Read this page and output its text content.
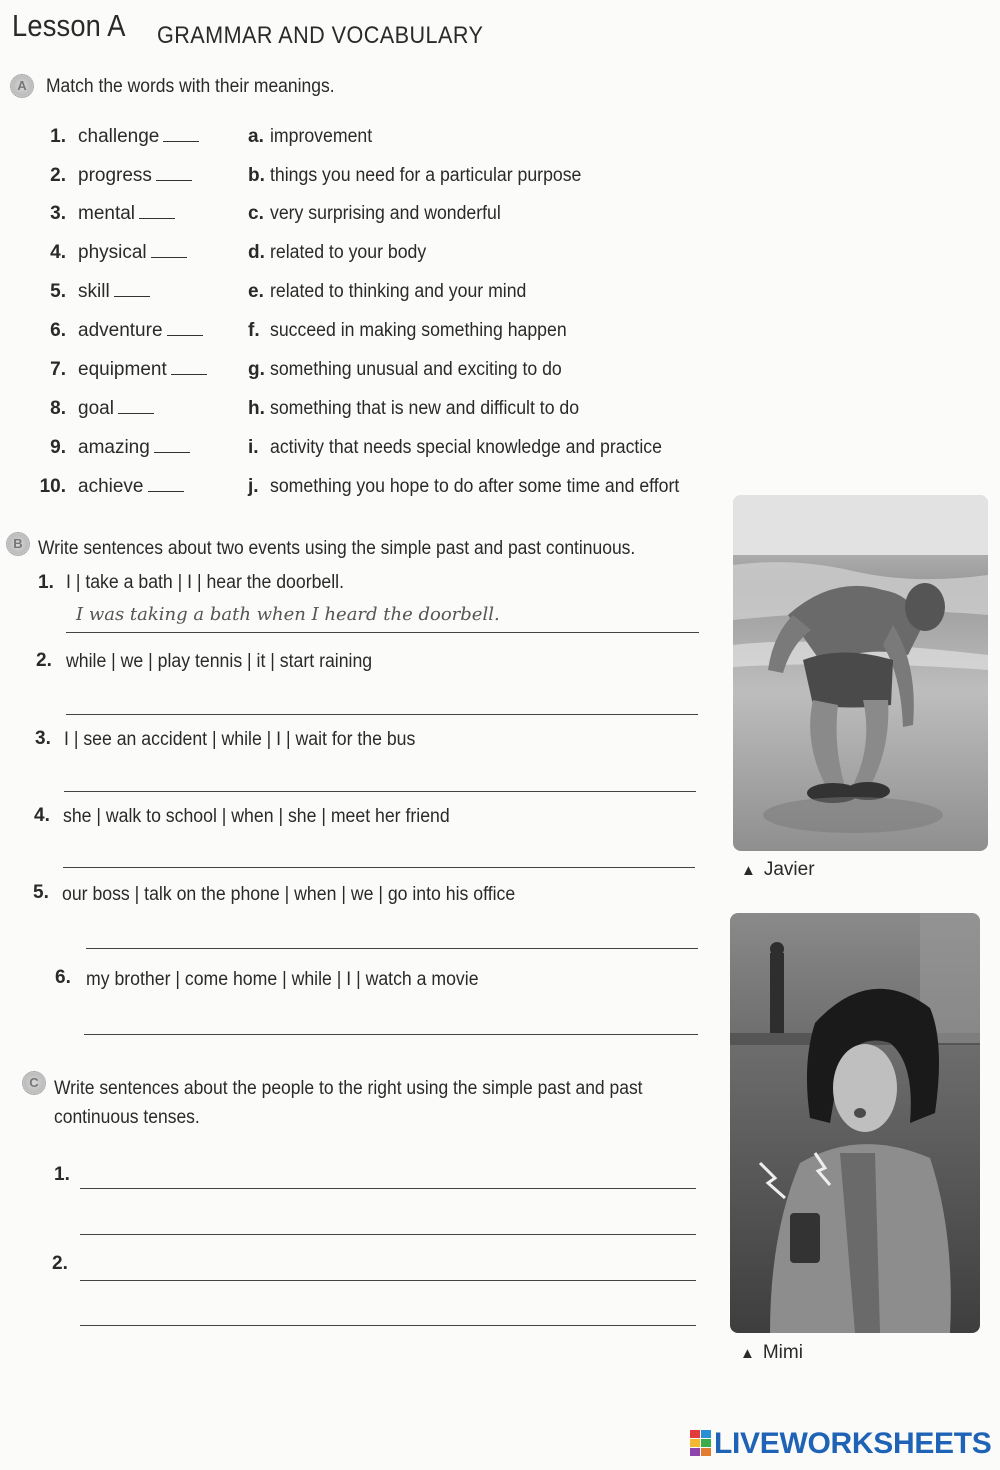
Lesson A	GRAMMAR AND VOCABULARY
A	Match the words with their meanings.
1. challenge	a. improvement
2. progress	b. things you need for a particular purpose
3. mental	c. very surprising and wonderful
4. physical	d. related to your body
5. skill	e. related to thinking and your mind
6. adventure	f. succeed in making something happen
7. equipment	g. something unusual and exciting to do
8. goal	h. something that is new and difficult to do
9. amazing	i. activity that needs special knowledge and practice
10. achieve	j. something you hope to do after some time and effort
B Write sentences about two events using the simple past and past continuous.
1. I | take a bath | I | hear the doorbell.
I was taking a bath when I heard the doorbell.
2. while | we | play tennis | it | start raining
3. I | see an accident | while | I | wait for the bus
4. she | walk to school | when | she | meet her friend
5. our boss | talk on the phone | when | we | go into his office
6. my brother | come home | while | I | watch a movie
C Write sentences about the people to the right using the simple past and past
continuous tenses.
1.
2.
▲ Javier
▲ Mimi
LIVEWORKSHEETS
